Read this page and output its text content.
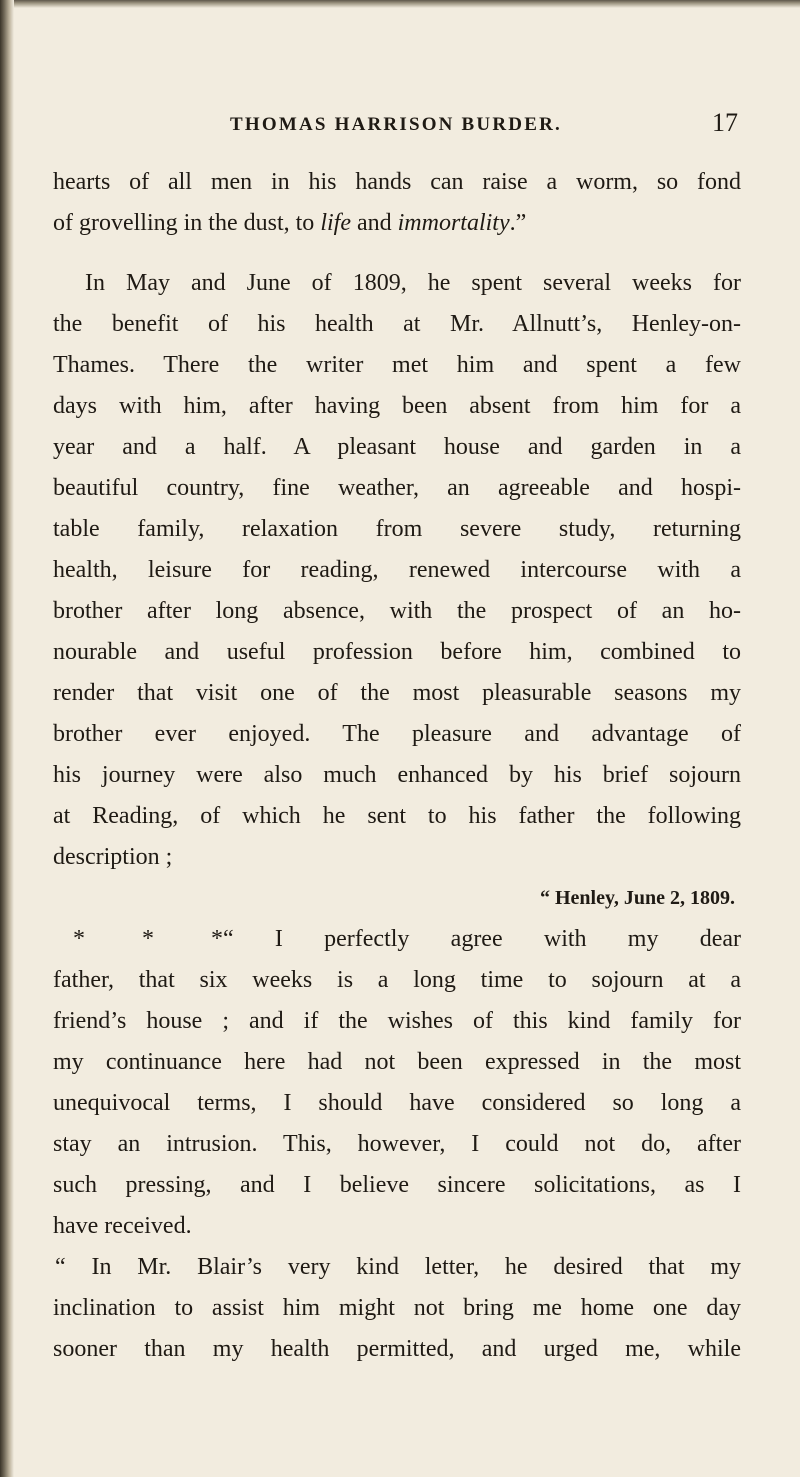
THOMAS HARRISON BURDER.	17
hearts of all men in his hands can raise a worm, so fond
of grovelling in the dust, to life and immortality.”
In May and June of 1809, he spent several weeks for
the benefit of his health at Mr. Allnutt’s, Henley-on-
Thames. There the writer met him and spent a few
days with him, after having been absent from him for a
year and a half. A pleasant house and garden in a
beautiful country, fine weather, an agreeable and hospi-
table family, relaxation from severe study, returning
health, leisure for reading, renewed intercourse with a
brother after long absence, with the prospect of an ho-
nourable and useful profession before him, combined to
render that visit one of the most pleasurable seasons my
brother ever enjoyed. The pleasure and advantage of
his journey were also much enhanced by his brief sojourn
at Reading, of which he sent to his father the following
description ;
“ Henley, June 2, 1809.
* * *“ I perfectly agree with my dear
father, that six weeks is a long time to sojourn at a
friend’s house ; and if the wishes of this kind family for
my continuance here had not been expressed in the most
unequivocal terms, I should have considered so long a
stay an intrusion. This, however, I could not do, after
such pressing, and I believe sincere solicitations, as I
have received.
“ In Mr. Blair’s very kind letter, he desired that my
inclination to assist him might not bring me home one day
sooner than my health permitted, and urged me, while
